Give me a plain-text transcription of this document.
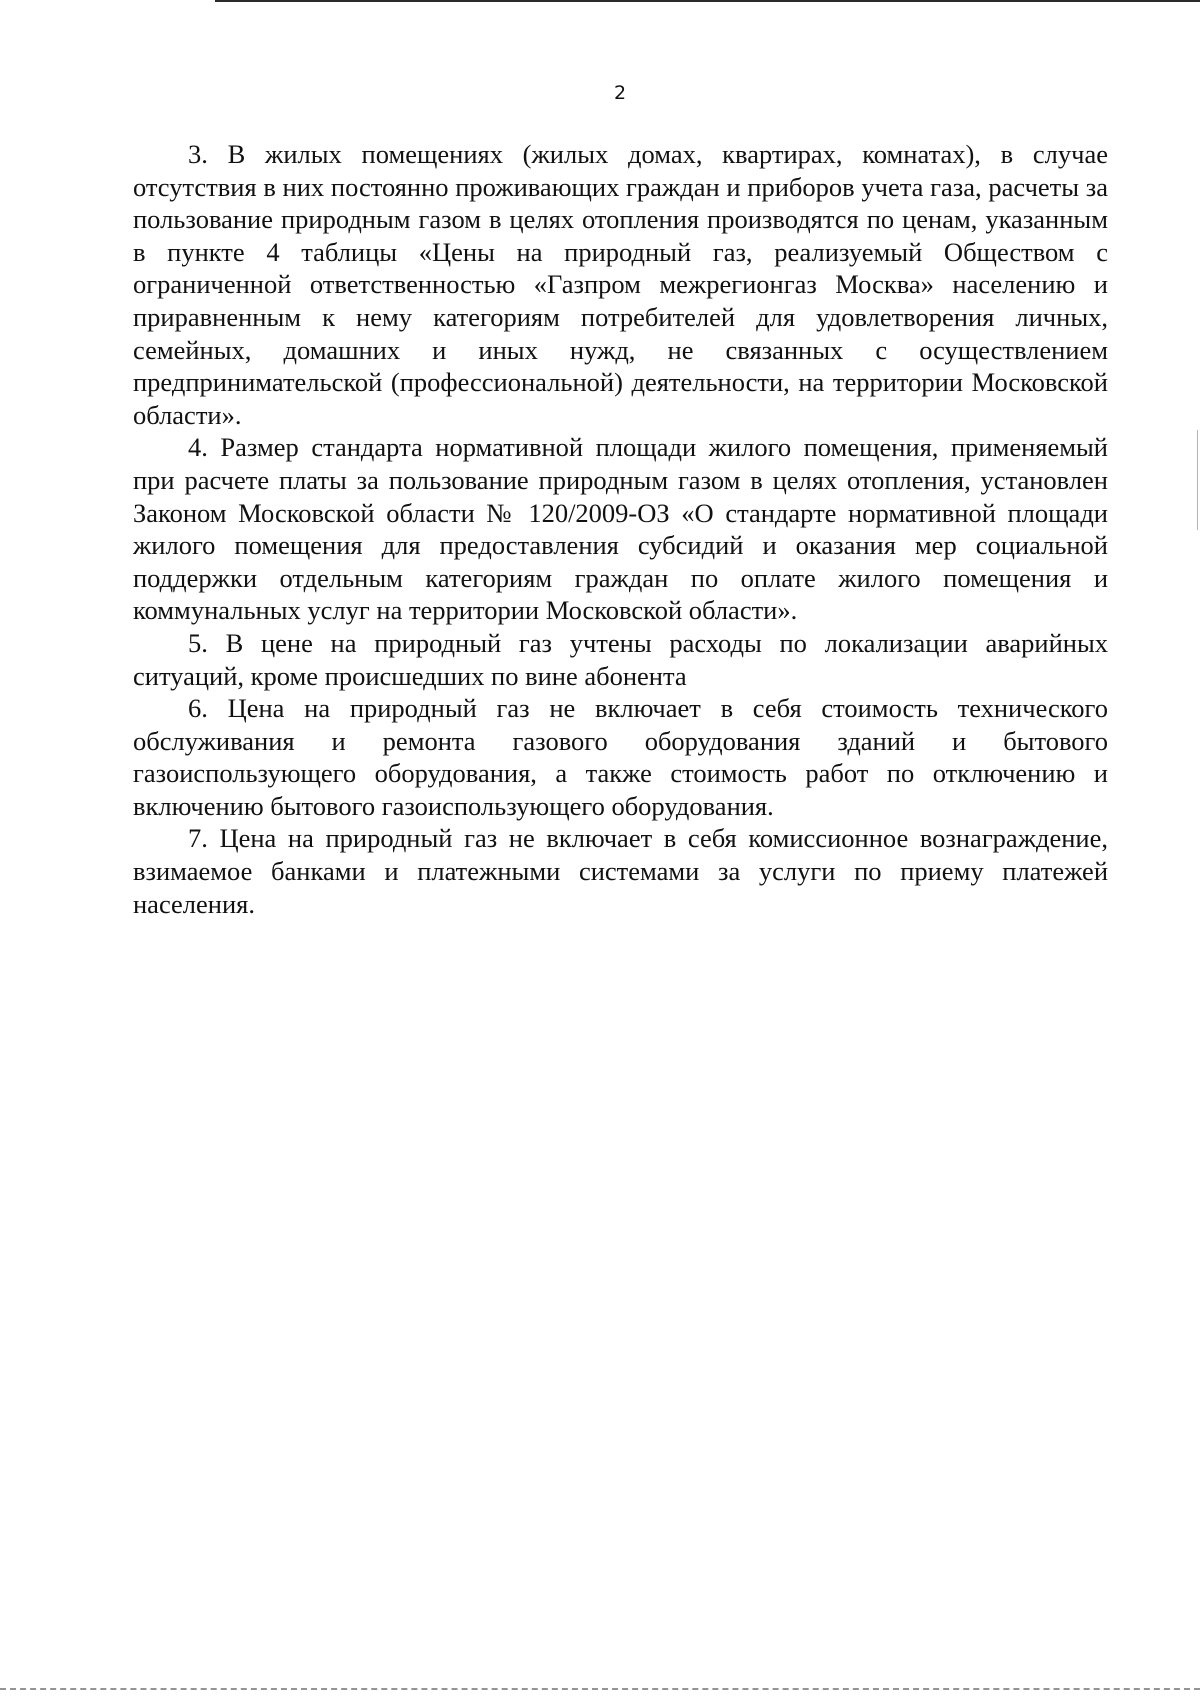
2

3. В жилых помещениях (жилых домах, квартирах, комнатах), в случае отсутствия в них постоянно проживающих граждан и приборов учета газа, расчеты за пользование природным газом в целях отопления производятся по ценам, указанным в пункте 4 таблицы «Цены на природный газ, реализуемый Обществом с ограниченной ответственностью «Газпром межрегионгаз Москва» населению и приравненным к нему категориям потребителей для удовлетворения личных, семейных, домашних и иных нужд, не связанных с осуществлением предпринимательской (профессиональной) деятельности, на территории Московской области».

4. Размер стандарта нормативной площади жилого помещения, применяемый при расчете платы за пользование природным газом в целях отопления, установлен Законом Московской области № 120/2009-ОЗ «О стандарте нормативной площади жилого помещения для предоставления субсидий и оказания мер социальной поддержки отдельным категориям граждан по оплате жилого помещения и коммунальных услуг на территории Московской области».

5. В цене на природный газ учтены расходы по локализации аварийных ситуаций, кроме происшедших по вине абонента

6. Цена на природный газ не включает в себя стоимость технического обслуживания и ремонта газового оборудования зданий и бытового газоиспользующего оборудования, а также стоимость работ по отключению и включению бытового газоиспользующего оборудования.

7. Цена на природный газ не включает в себя комиссионное вознаграждение, взимаемое банками и платежными системами за услуги по приему платежей населения.
